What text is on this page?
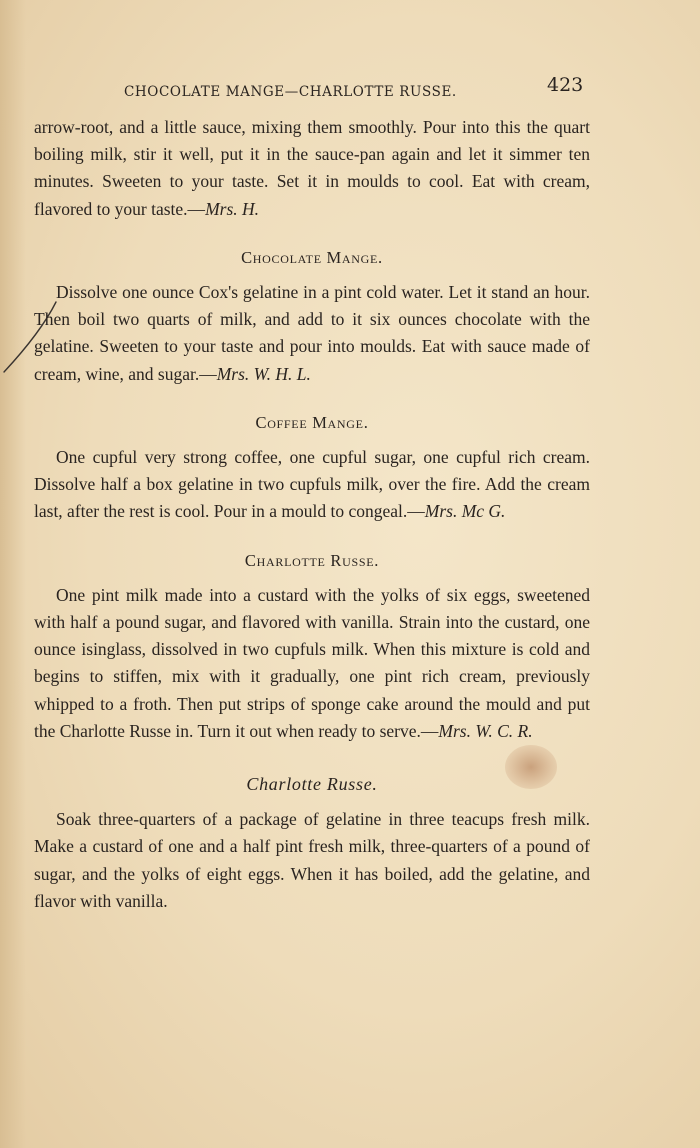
CHOCOLATE MANGE—CHARLOTTE RUSSE.	423

arrow-root, and a little sauce, mixing them smoothly. Pour into this the quart boiling milk, stir it well, put it in the sauce-pan again and let it simmer ten minutes. Sweeten to your taste. Set it in moulds to cool. Eat with cream, flavored to your taste.—Mrs. H.

Chocolate Mange.

Dissolve one ounce Cox's gelatine in a pint cold water. Let it stand an hour. Then boil two quarts of milk, and add to it six ounces chocolate with the gelatine. Sweeten to your taste and pour into moulds. Eat with sauce made of cream, wine, and sugar.—Mrs. W. H. L.

Coffee Mange.

One cupful very strong coffee, one cupful sugar, one cupful rich cream. Dissolve half a box gelatine in two cupfuls milk, over the fire. Add the cream last, after the rest is cool. Pour in a mould to congeal.—Mrs. Mc G.

Charlotte Russe.

One pint milk made into a custard with the yolks of six eggs, sweetened with half a pound sugar, and flavored with vanilla. Strain into the custard, one ounce isinglass, dissolved in two cupfuls milk. When this mixture is cold and begins to stiffen, mix with it gradually, one pint rich cream, previously whipped to a froth. Then put strips of sponge cake around the mould and put the Charlotte Russe in. Turn it out when ready to serve.—Mrs. W. C. R.

Charlotte Russe.

Soak three-quarters of a package of gelatine in three teacups fresh milk. Make a custard of one and a half pint fresh milk, three-quarters of a pound of sugar, and the yolks of eight eggs. When it has boiled, add the gelatine, and flavor with vanilla.
